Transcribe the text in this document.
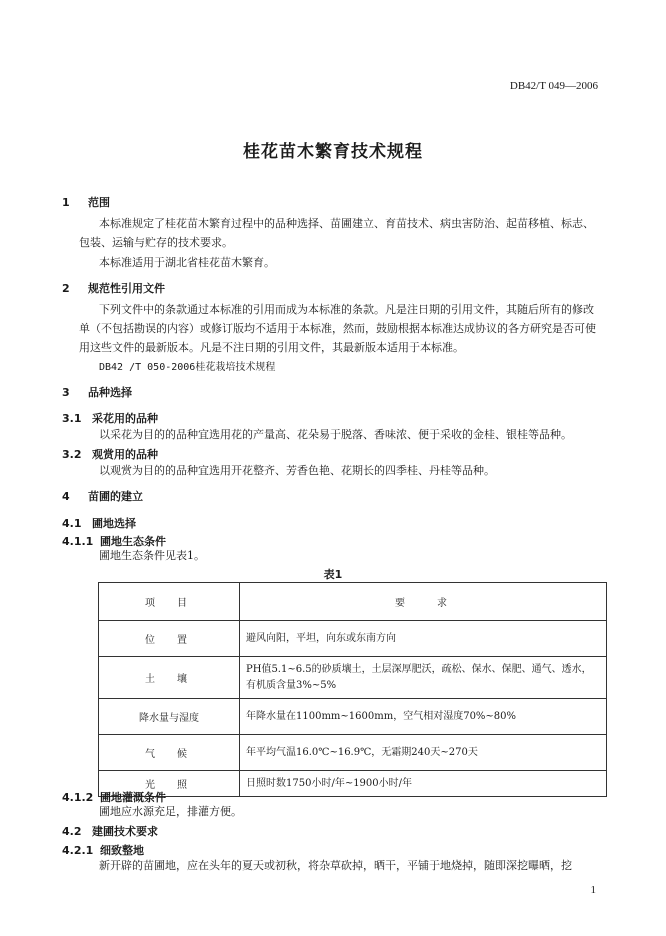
DB42/T 049—2006
桂花苗木繁育技术规程
1 范围
本标准规定了桂花苗木繁育过程中的品种选择、苗圃建立、育苗技术、病虫害防治、起苗移植、标志、包装、运输与贮存的技术要求。
本标准适用于湖北省桂花苗木繁育。
2 规范性引用文件
下列文件中的条款通过本标准的引用而成为本标准的条款。凡是注日期的引用文件，其随后所有的修改单（不包括勘误的内容）或修订版均不适用于本标准，然而，鼓励根据本标准达成协议的各方研究是否可使用这些文件的最新版本。凡是不注日期的引用文件，其最新版本适用于本标准。
DB42 /T 050-2006桂花栽培技术规程
3 品种选择
3.1 采花用的品种
以采花为目的的品种宜选用花的产量高、花朵易于脱落、香味浓、便于采收的金桂、银桂等品种。
3.2 观赏用的品种
以观赏为目的的品种宜选用开花整齐、芳香色艳、花期长的四季桂、丹桂等品种。
4 苗圃的建立
4.1 圃地选择
4.1.1 圃地生态条件
圃地生态条件见表1。
表1
项　目	要　　求
位　置	避风向阳，平坦，向东或东南方向
土　壤	PH值5.1~6.5的砂质壤土，土层深厚肥沃，疏松、保水、保肥、通气、透水，有机质含量3%~5%
降水量与湿度	年降水量在1100mm~1600mm，空气相对湿度70%~80%
气　候	年平均气温16.0℃~16.9℃，无霜期240天~270天
光　照	日照时数1750小时/年~1900小时/年
4.1.2 圃地灌溉条件
圃地应水源充足，排灌方便。
4.2 建圃技术要求
4.2.1 细致整地
新开辟的苗圃地，应在头年的夏天或初秋，将杂草砍掉，晒干，平铺于地烧掉，随即深挖曝晒，挖
1
